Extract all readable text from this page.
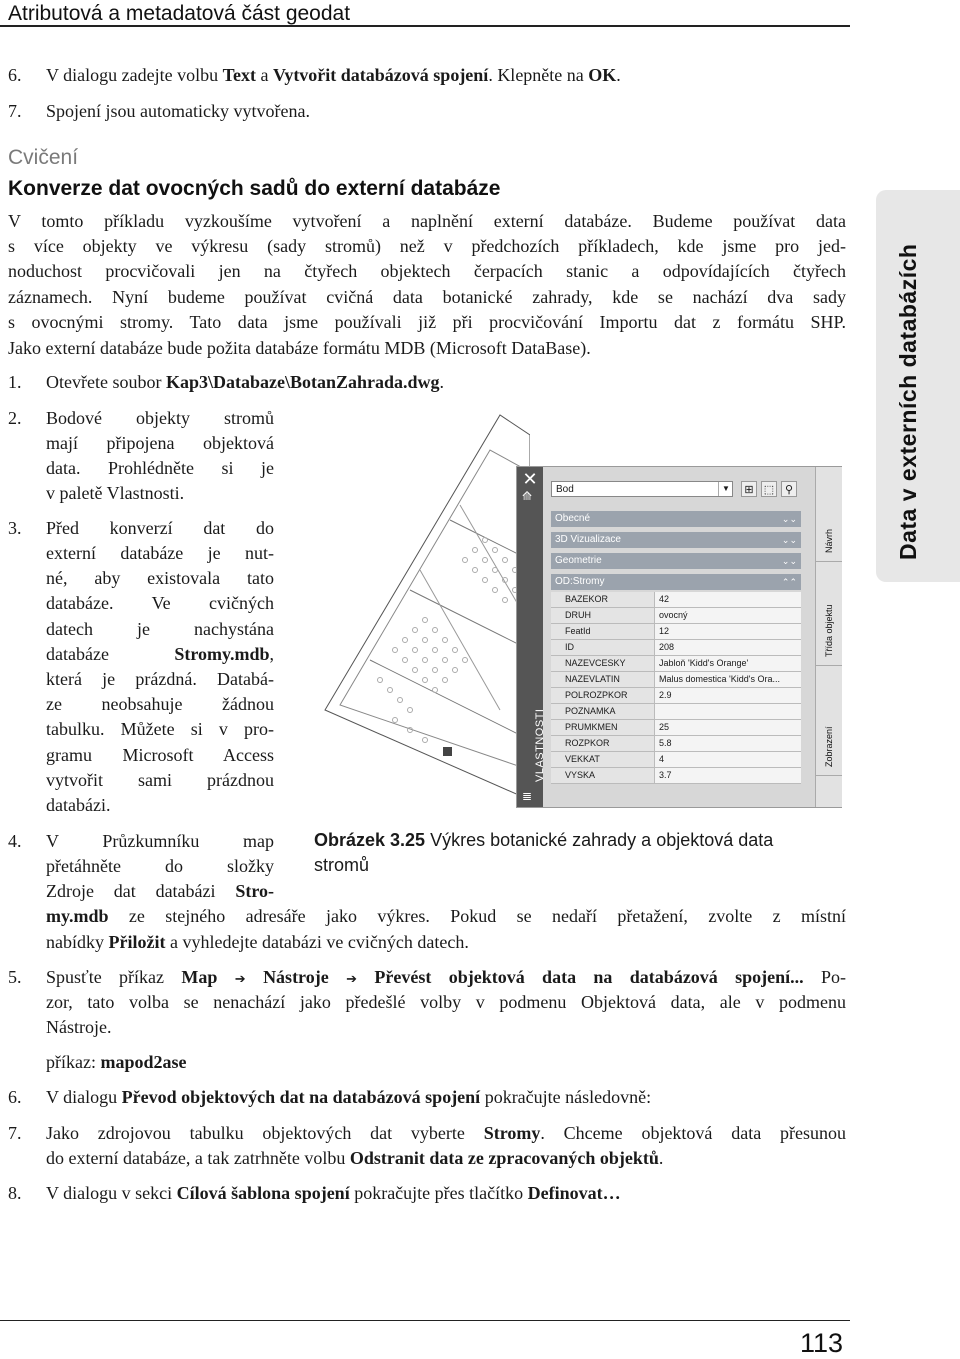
Atributová a metadatová část geodat
6.	V dialogu zadejte volbu Text a Vytvořit databázová spojení. Klepněte na OK.
7.	Spojení jsou automaticky vytvořena.
Cvičení
Konverze dat ovocných sadů do externí databáze
V tomto příkladu vyzkoušíme vytvoření a naplnění externí databáze. Budeme používat data
s více objekty ve výkresu (sady stromů) než v předchozích příkladech, kde jsme pro jed-
noduchost procvičovali jen na čtyřech objektech čerpacích stanic a odpovídajících čtyřech
záznamech. Nyní budeme používat cvičná data botanické zahrady, kde se nachází dva sady
s ovocnými stromy. Tato data jsme používali již při procvičování Importu dat z formátu SHP.
Jako externí databáze bude požita databáze formátu MDB (Microsoft DataBase).
1.	Otevřete soubor Kap3\Databaze\BotanZahrada.dwg.
2.	Bodové objekty stromů
mají připojena objektová
data. Prohlédněte si je
v paletě Vlastnosti.
3.	Před konverzí dat do
externí databáze je nut-
né, aby existovala tato
databáze. Ve cvičných
datech je nachystána
databáze Stromy.mdb,
která je prázdná. Databá-
ze neobsahuje žádnou
tabulku. Můžete si v pro-
gramu Microsoft Access
vytvořit sami prázdnou
databázi.
4.	V Průzkumníku map
přetáhněte do složky
Zdroje dat databázi Stro-
my.mdb ze stejného adresáře jako výkres. Pokud se nedaří přetažení, zvolte z místní
nabídky Přiložit a vyhledejte databázi ve cvičných datech.
5.	Spusťte příkaz Map ➔ Nástroje ➔ Převést objektová data na databázová spojení... Po-
zor, tato volba se nenachází jako předešlé volby v podmenu Objektová data, ale v podmenu
Nástroje.
příkaz: mapod2ase
6.	V dialogu Převod objektových dat na databázová spojení pokračujte následovně:
7.	Jako zdrojovou tabulku objektových dat vyberte Stromy. Chceme objektová data přesunou
do externí databáze, a tak zatrhněte volbu Odstranit data ze zpracovaných objektů.
8.	V dialogu v sekci Cílová šablona spojení pokračujte přes tlačítko Definovat…
✕
⟰
VLASTNOSTI
≣
Bod	▼	⊞ ⬚ ⚲
Obecné	⌄⌄
3D Vizualizace	⌄⌄
Geometrie	⌄⌄
OD:Stromy	⌃⌃
BAZEKOR	42
DRUH	ovocný
FeatId	12
ID	208
NAZEVCESKY	Jabloň 'Kidd's Orange'
NAZEVLATIN	Malus domestica 'Kidd's Ora...
POLROZPKOR	2.9
POZNAMKA
PRUMKMEN	25
ROZPKOR	5.8
VEKKAT	4
VYSKA	3.7
Návrh
Třída objektu
Zobrazení
Obrázek 3.25 Výkres botanické zahrady a objektová data
stromů
Data v externích databázích
113
